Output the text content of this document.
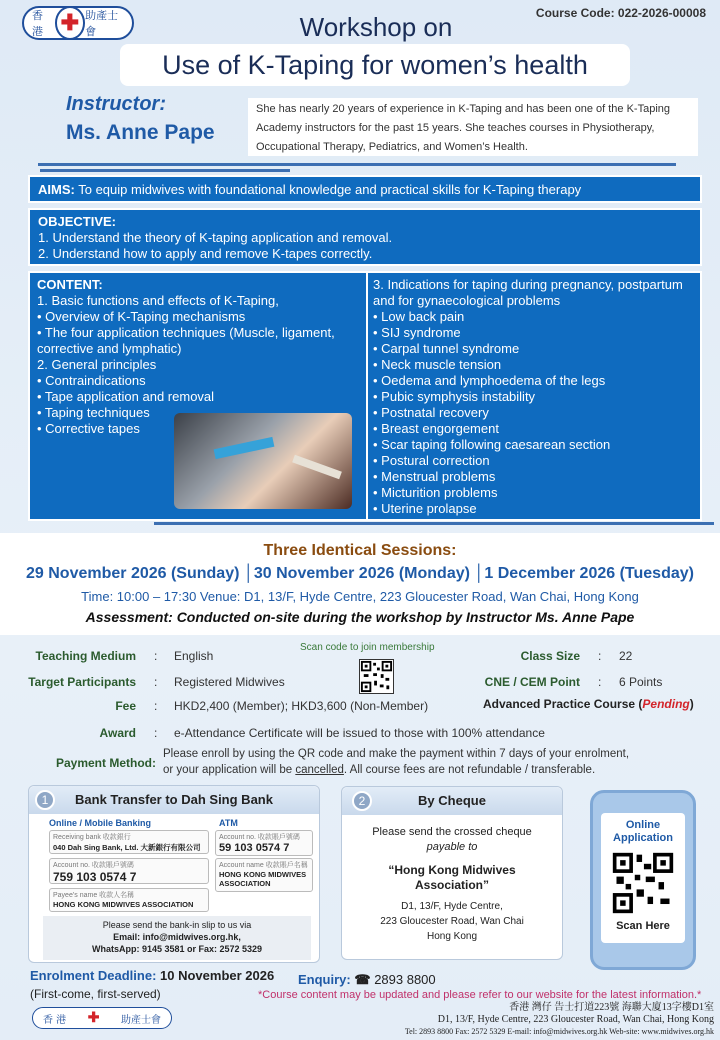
香 港 ✚ 助產士會
Course Code: 022-2026-00008
Workshop on
Use of K-Taping for women’s health
Instructor:
Ms. Anne Pape
She has nearly 20 years of experience in K-Taping and has been one of the K-Taping Academy instructors for the past 15 years. She teaches courses in Physiotherapy, Occupational Therapy, Pediatrics, and Women’s Health.
AIMS: To equip midwives with foundational knowledge and practical skills for K-Taping therapy
OBJECTIVE:
1. Understand the theory of K-taping application and removal.
2. Understand how to apply and remove K-tapes correctly.
CONTENT:
1. Basic functions and effects of K-Taping,
• Overview of K-Taping mechanisms
• The four application techniques (Muscle, ligament, corrective and lymphatic)
2. General principles
• Contraindications
• Tape application and removal
• Taping techniques
• Corrective tapes
3. Indications for taping during pregnancy, postpartum and for gynaecological problems
• Low back pain
• SIJ syndrome
• Carpal tunnel syndrome
• Neck muscle tension
• Oedema and lymphoedema of the legs
• Pubic symphysis instability
• Postnatal recovery
• Breast engorgement
• Scar taping following caesarean section
• Postural correction
• Menstrual problems
• Micturition problems
• Uterine prolapse
Three Identical Sessions:
29 November 2026 (Sunday) │30 November 2026 (Monday) │1 December 2026 (Tuesday)
Time: 10:00 – 17:30 Venue: D1, 13/F, Hyde Centre, 223 Gloucester Road, Wan Chai, Hong Kong
Assessment: Conducted on-site during the workshop by Instructor Ms. Anne Pape
Teaching Medium : English
Target Participants : Registered Midwives
Fee : HKD2,400 (Member); HKD3,600 (Non-Member)
Award : e-Attendance Certificate will be issued to those with 100% attendance
Payment Method:
Please enroll by using the QR code and make the payment within 7 days of your enrolment,
or your application will be cancelled. All course fees are not refundable / transferable.
Scan code to join membership
Class Size : 22
CNE / CEM Point : 6 Points
Advanced Practice Course (Pending)
Bank Transfer to Dah Sing Bank
1
Online / Mobile Banking	ATM
Receiving bank 收款銀行
040 Dah Sing Bank, Ltd. 大新銀行有限公司
Account no. 收款賬戶號碼
759 103 0574 7
Payee’s name 收款人名稱
HONG KONG MIDWIVES ASSOCIATION
Account no. 收款賬戶號碼
59 103 0574 7
Account name 收款賬戶名稱
HONG KONG MIDWIVES ASSOCIATION
Please send the bank-in slip to us via
Email: info@midwives.org.hk,
WhatsApp: 9145 3581 or Fax: 2572 5329
By Cheque
2
Please send the crossed cheque
payable to
“Hong Kong Midwives Association”
D1, 13/F, Hyde Centre,
223 Gloucester Road, Wan Chai
Hong Kong
Online Application
Scan Here
Enrolment Deadline: 10 November 2026
(First-come, first-served)
Enquiry: ☎ 2893 8800
*Course content may be updated and please refer to our website for the latest information.*
香 港 ✚ 助產士會
香港 灣仔 告士打道223號 海聯大廈13字樓D1室
D1, 13/F, Hyde Centre, 223 Gloucester Road, Wan Chai, Hong Kong
Tel: 2893 8800 Fax: 2572 5329 E-mail: info@midwives.org.hk Web-site: www.midwives.org.hk
